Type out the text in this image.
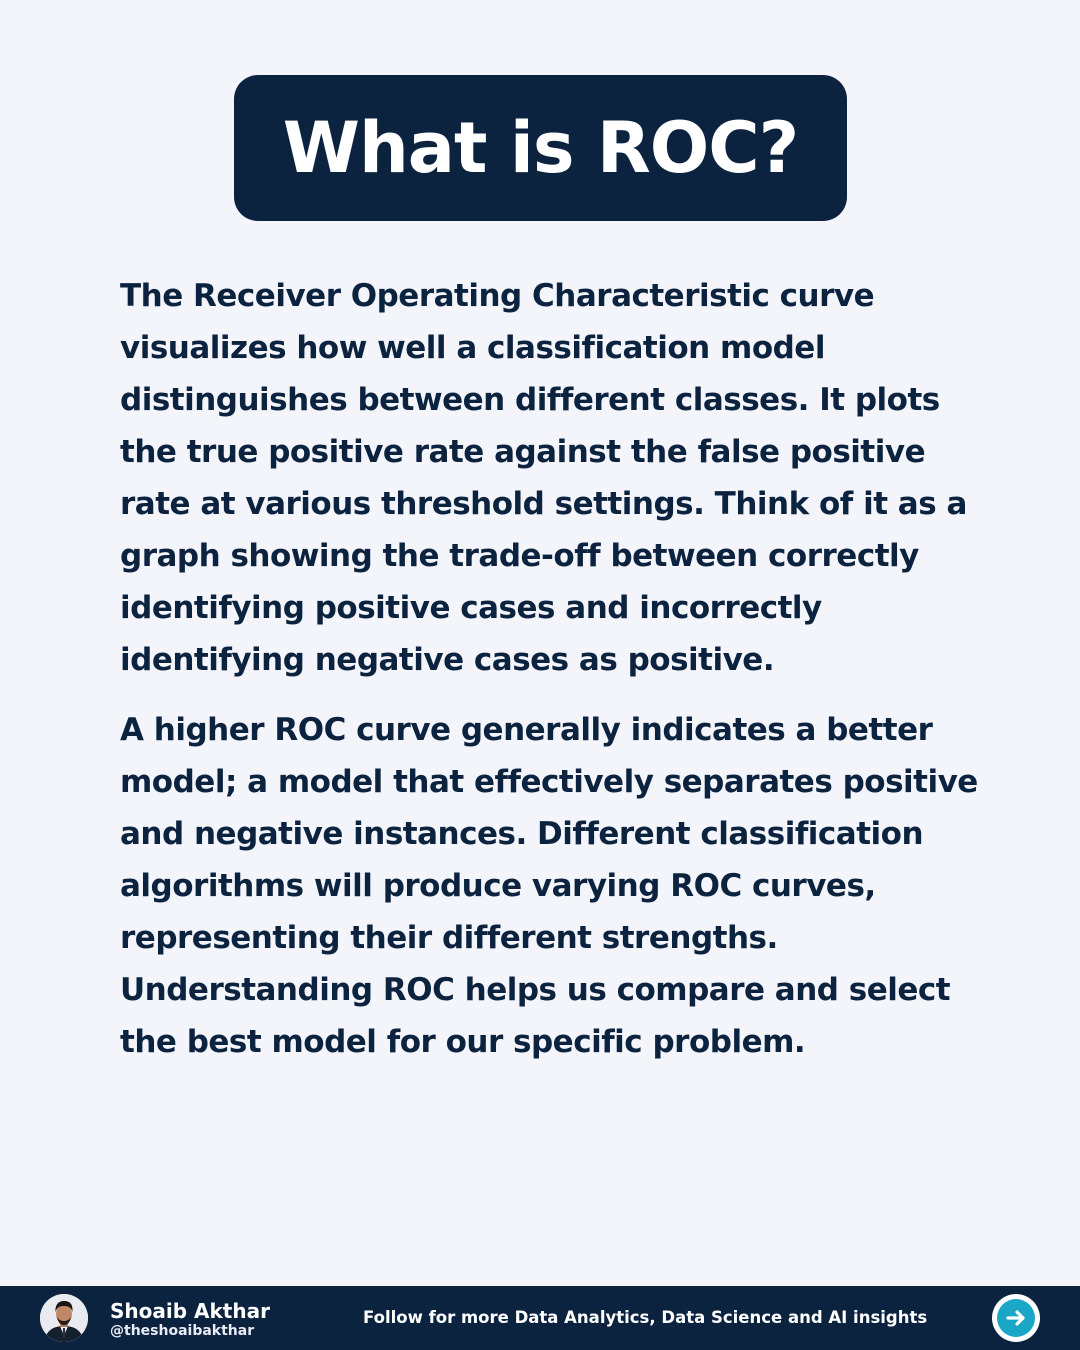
What is ROC?

The Receiver Operating Characteristic curve visualizes how well a classification model distinguishes between different classes. It plots the true positive rate against the false positive rate at various threshold settings. Think of it as a graph showing the trade-off between correctly identifying positive cases and incorrectly identifying negative cases as positive.

A higher ROC curve generally indicates a better model; a model that effectively separates positive and negative instances. Different classification algorithms will produce varying ROC curves, representing their different strengths. Understanding ROC helps us compare and select the best model for our specific problem.

Shoaib Akthar
@theshoaibakthar
Follow for more Data Analytics, Data Science and AI insights
